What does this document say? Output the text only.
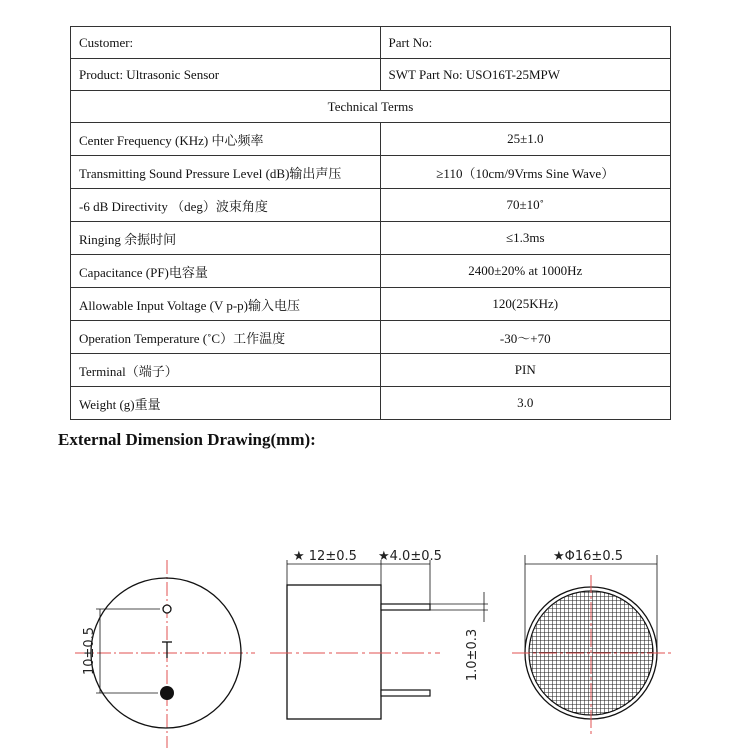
Customer:	Part No:
Product: Ultrasonic Sensor	SWT Part No: USO16T-25MPW
Technical Terms	
Center Frequency (KHz) 中心频率	25±1.0
Transmitting Sound Pressure Level (dB)输出声压	≥110（10cm/9Vrms Sine Wave）
-6 dB Directivity （deg）波束角度	70±10˚
Ringing 余振时间	≤1.3ms
Capacitance (PF)电容量	2400±20% at 1000Hz
Allowable Input Voltage (V p-p)输入电压	120(25KHz)
Operation Temperature (˚C）工作温度	-30～+70
Terminal（端子）	PIN
Weight (g)重量	3.0
External Dimension Drawing(mm):
10±0.5
★ 12±0.5 ★4.0±0.5
1.0±0.3
★Φ16±0.5
